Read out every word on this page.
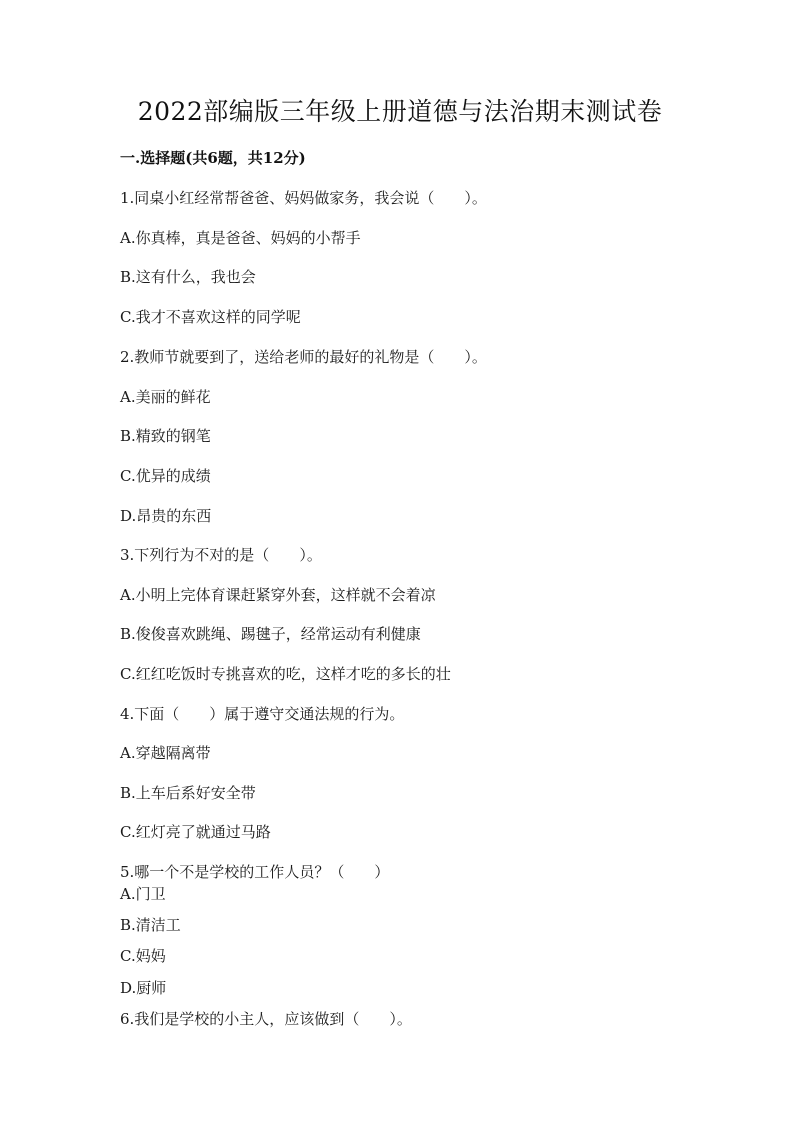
2022部编版三年级上册道德与法治期末测试卷
一.选择题(共6题，共12分)
1.同桌小红经常帮爸爸、妈妈做家务，我会说（　　）。
A.你真棒，真是爸爸、妈妈的小帮手
B.这有什么，我也会
C.我才不喜欢这样的同学呢
2.教师节就要到了，送给老师的最好的礼物是（　　）。
A.美丽的鲜花
B.精致的钢笔
C.优异的成绩
D.昂贵的东西
3.下列行为不对的是（　　）。
A.小明上完体育课赶紧穿外套，这样就不会着凉
B.俊俊喜欢跳绳、踢毽子，经常运动有利健康
C.红红吃饭时专挑喜欢的吃，这样才吃的多长的壮
4.下面（　　）属于遵守交通法规的行为。
A.穿越隔离带
B.上车后系好安全带
C.红灯亮了就通过马路
5.哪一个不是学校的工作人员？（　　）
A.门卫
B.清洁工
C.妈妈
D.厨师
6.我们是学校的小主人，应该做到（　　）。
